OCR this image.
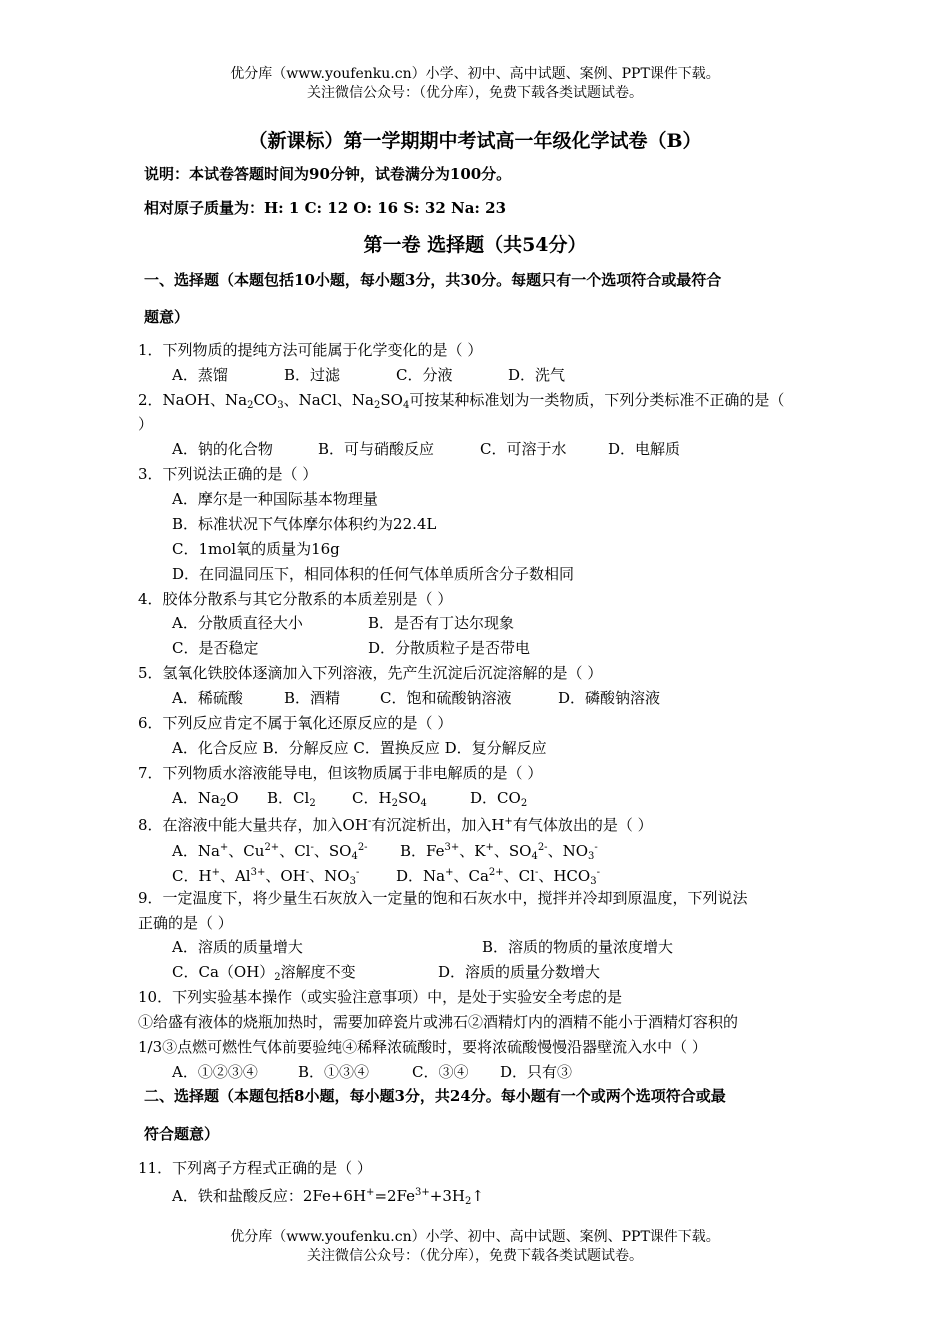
优分库（www.youfenku.cn）小学、初中、高中试题、案例、PPT课件下载。
关注微信公众号：（优分库），免费下载各类试题试卷。
（新课标）第一学期期中考试高一年级化学试卷（B）
说明：本试卷答题时间为90分钟，试卷满分为100分。
相对原子质量为：H: 1 C: 12 O: 16 S: 32 Na: 23
第一卷 选择题（共54分）
一、选择题（本题包括10小题，每小题3分，共30分。每题只有一个选项符合或最符合
题意）
1．下列物质的提纯方法可能属于化学变化的是（ ）
A．蒸馏	B．过滤	C．分液	D．洗气
2．NaOH、$Na_2CO_3$、NaCl、$Na_2SO_4$可按某种标准划为一类物质，下列分类标准不正确的是（
）
A．钠的化合物	B．可与硝酸反应	C．可溶于水	D．电解质
3．下列说法正确的是（ ）
A．摩尔是一种国际基本物理量
B．标准状况下气体摩尔体积约为22.4L
C．1mol氧的质量为16g
D．在同温同压下，相同体积的任何气体单质所含分子数相同
4．胶体分散系与其它分散系的本质差别是（ ）
A．分散质直径大小	B．是否有丁达尔现象
C．是否稳定	D．分散质粒子是否带电
5．氢氧化铁胶体逐滴加入下列溶液，先产生沉淀后沉淀溶解的是（ ）
A．稀硫酸	B．酒精	C．饱和硫酸钠溶液	D．磷酸钠溶液
6．下列反应肯定不属于氧化还原反应的是（ ）
A．化合反应 B．分解反应 C．置换反应 D．复分解反应
7．下列物质水溶液能导电，但该物质属于非电解质的是（ ）
A．$Na_2O$ B．$Cl_2$ C．$H_2SO_4$	D．$CO_2$
8．在溶液中能大量共存，加入OH-有沉淀析出，加入H+有气体放出的是（ ）
A．Na+、$Cu^{2+}$、Cl-、$SO_4^{2-}$ B．$Fe^{3+}$、K+、$SO_4^{2-}$、$NO_3^-$
C．H+、$Al^{3+}$、OH-、$NO_3^-$ D．Na+、$Ca^{2+}$、Cl-、$HCO_3^-$
9．一定温度下，将少量生石灰放入一定量的饱和石灰水中，搅拌并冷却到原温度，下列说法
正确的是（ ）
A．溶质的质量增大	B．溶质的物质的量浓度增大
C．$Ca(OH)_2$溶解度不变	D．溶质的质量分数增大
10．下列实验基本操作（或实验注意事项）中，是处于实验安全考虑的是
①给盛有液体的烧瓶加热时，需要加碎瓷片或沸石②酒精灯内的酒精不能小于酒精灯容积的
1/3③点燃可燃性气体前要验纯④稀释浓硫酸时，要将浓硫酸慢慢沿器壁流入水中（ ）
A．①②③④	B．①③④	C．③④ D．只有③
二、选择题（本题包括8小题，每小题3分，共24分。每小题有一个或两个选项符合或最
符合题意）
11．下列离子方程式正确的是（ ）
A．铁和盐酸反应：$2Fe+6H^+=2Fe^{3+}+3H_2↑$
优分库（www.youfenku.cn）小学、初中、高中试题、案例、PPT课件下载。
关注微信公众号：（优分库），免费下载各类试题试卷。
